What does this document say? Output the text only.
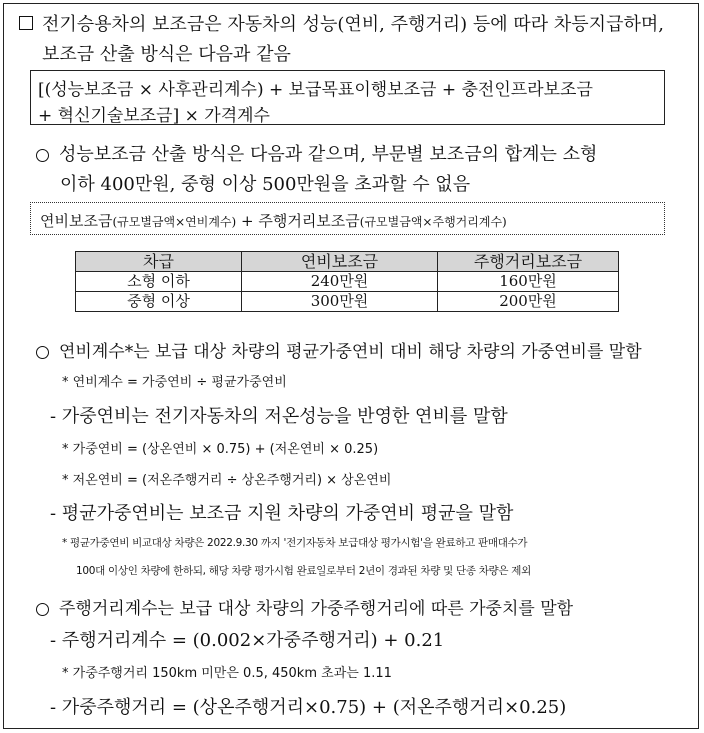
전기승용차의 보조금은 자동차의 성능(연비, 주행거리) 등에 따라 차등지급하며,
보조금 산출 방식은 다음과 같음
[(성능보조금 × 사후관리계수) + 보급목표이행보조금 + 충전인프라보조금
+ 혁신기술보조금] × 가격계수
성능보조금 산출 방식은 다음과 같으며, 부문별 보조금의 합계는 소형
이하 400만원, 중형 이상 500만원을 초과할 수 없음
연비보조금(규모별금액×연비계수) + 주행거리보조금(규모별금액×주행거리계수)
차급	연비보조금	주행거리보조금
소형 이하	240만원	160만원
중형 이상	300만원	200만원
연비계수*는 보급 대상 차량의 평균가중연비 대비 해당 차량의 가중연비를 말함
* 연비계수 = 가중연비 ÷ 평균가중연비
- 가중연비는 전기자동차의 저온성능을 반영한 연비를 말함
* 가중연비 = (상온연비 × 0.75) + (저온연비 × 0.25)
* 저온연비 = (저온주행거리 ÷ 상온주행거리) × 상온연비
- 평균가중연비는 보조금 지원 차량의 가중연비 평균을 말함
* 평균가중연비 비교대상 차량은 2022.9.30 까지 '전기자동차 보급대상 평가시험'을 완료하고 판매대수가
100대 이상인 차량에 한하되, 해당 차량 평가시험 완료일로부터 2년이 경과된 차량 및 단종 차량은 제외
주행거리계수는 보급 대상 차량의 가중주행거리에 따른 가중치를 말함
- 주행거리계수 = (0.002×가중주행거리) + 0.21
* 가중주행거리 150km 미만은 0.5, 450km 초과는 1.11
- 가중주행거리 = (상온주행거리×0.75) + (저온주행거리×0.25)
